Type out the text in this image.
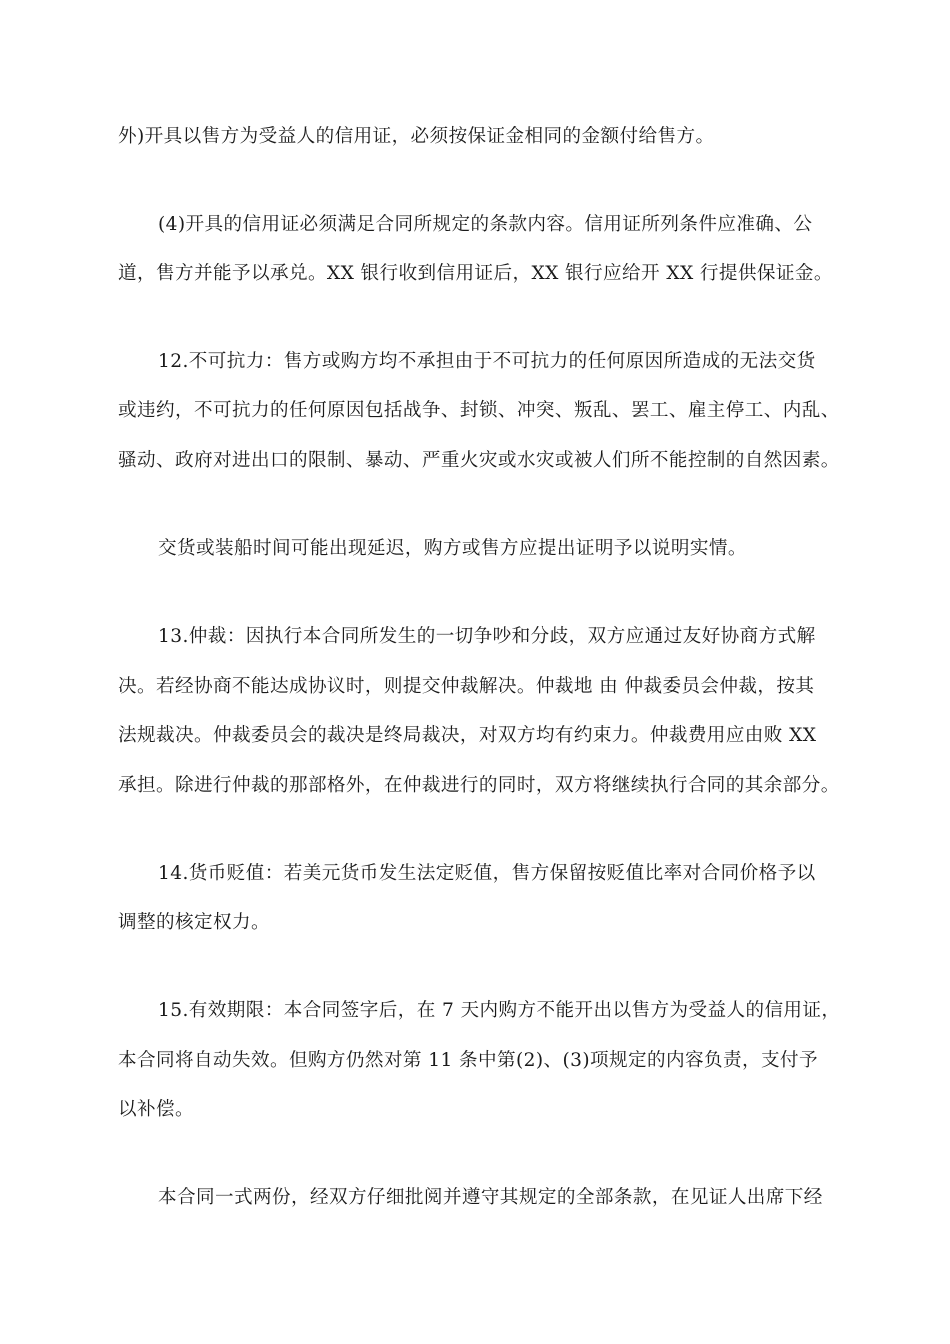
外)开具以售方为受益人的信用证，必须按保证金相同的金额付给售方。
(4)开具的信用证必须满足合同所规定的条款内容。信用证所列条件应准确、公
道，售方并能予以承兑。XX 银行收到信用证后，XX 银行应给开 XX 行提供保证金。
12.不可抗力：售方或购方均不承担由于不可抗力的任何原因所造成的无法交货
或违约，不可抗力的任何原因包括战争、封锁、冲突、叛乱、罢工、雇主停工、内乱、
骚动、政府对进出口的限制、暴动、严重火灾或水灾或被人们所不能控制的自然因素。
交货或装船时间可能出现延迟，购方或售方应提出证明予以说明实情。
13.仲裁：因执行本合同所发生的一切争吵和分歧，双方应通过友好协商方式解
决。若经协商不能达成协议时，则提交仲裁解决。仲裁地 由 仲裁委员会仲裁，按其
法规裁决。仲裁委员会的裁决是终局裁决，对双方均有约束力。仲裁费用应由败 XX
承担。除进行仲裁的那部格外，在仲裁进行的同时，双方将继续执行合同的其余部分。
14.货币贬值：若美元货币发生法定贬值，售方保留按贬值比率对合同价格予以
调整的核定权力。
15.有效期限：本合同签字后，在 7 天内购方不能开出以售方为受益人的信用证，
本合同将自动失效。但购方仍然对第 11 条中第(2)、(3)项规定的内容负责，支付予
以补偿。
本合同一式两份，经双方仔细批阅并遵守其规定的全部条款，在见证人出席下经
